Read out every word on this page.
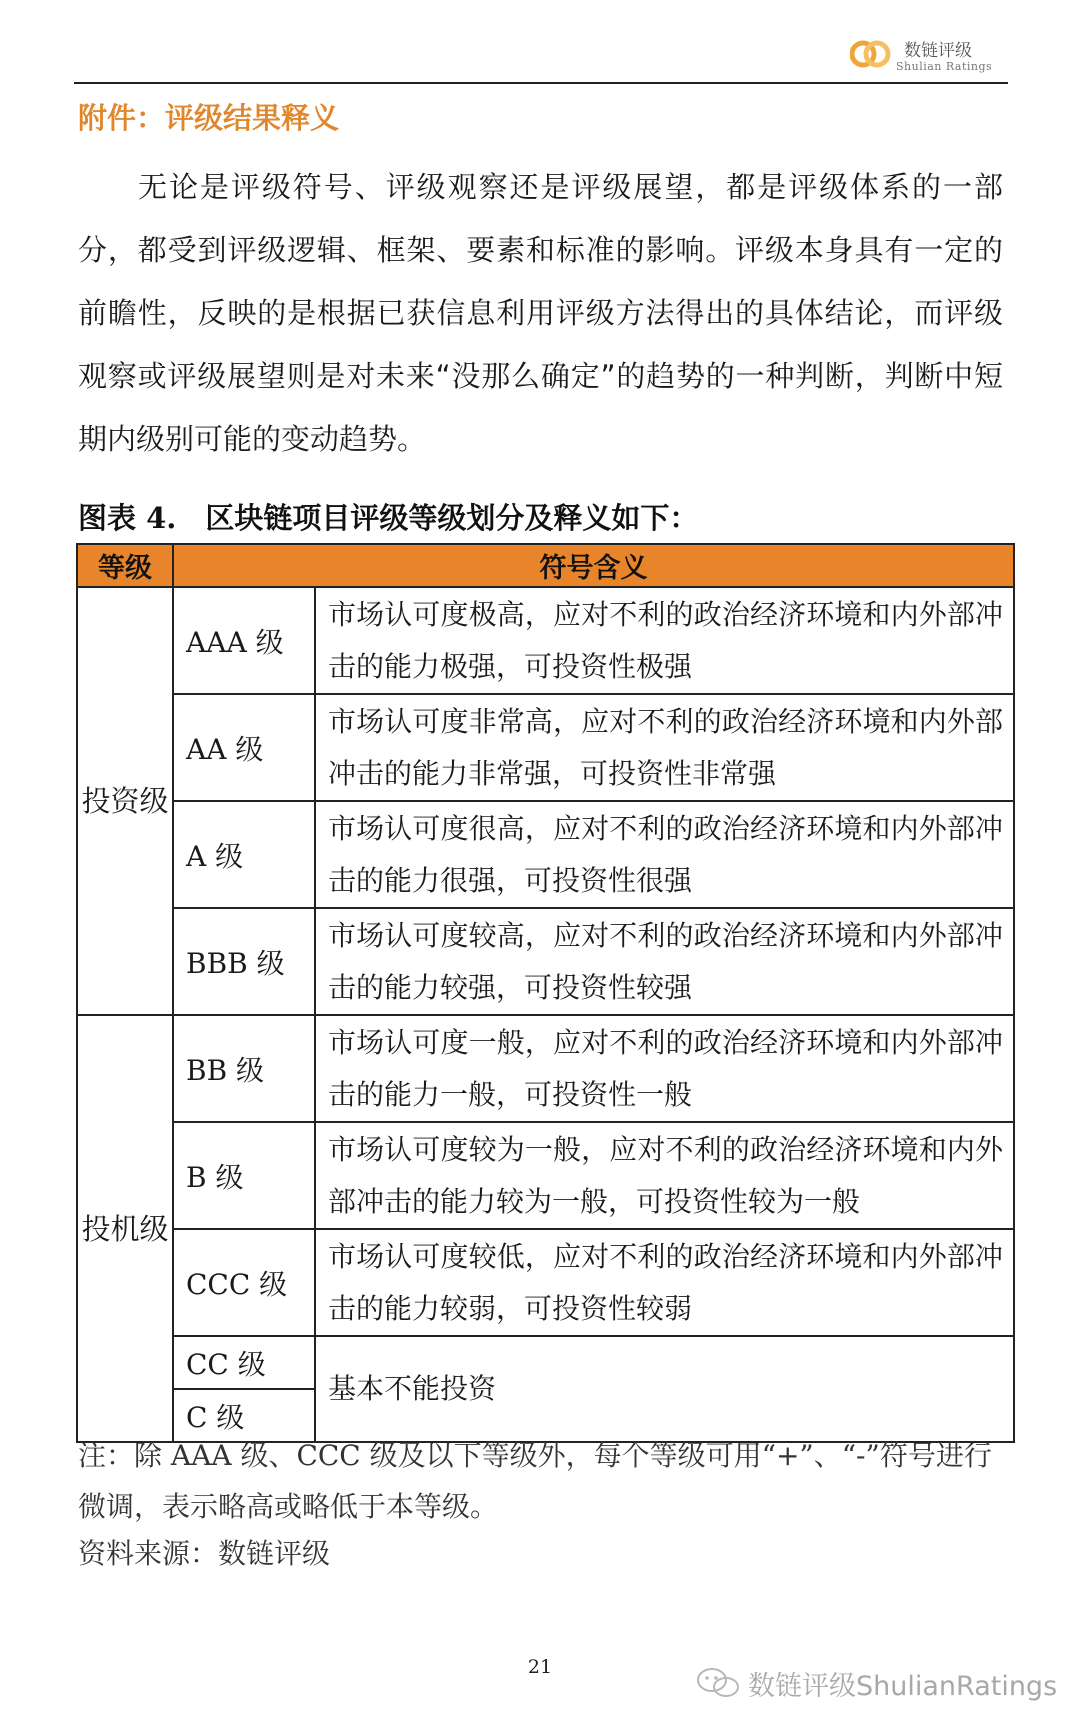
数链评级
Shulian Ratings
附件：评级结果释义
无论是评级符号、评级观察还是评级展望，都是评级体系的一部分，都受到评级逻辑、框架、要素和标准的影响。评级本身具有一定的前瞻性，反映的是根据已获信息利用评级方法得出的具体结论，而评级观察或评级展望则是对未来“没那么确定”的趋势的一种判断，判断中短期内级别可能的变动趋势。
图表 4.　区块链项目评级等级划分及释义如下：
等级	符号含义	
投资级	AAA 级	市场认可度极高，应对不利的政治经济环境和内外部冲击的能力极强，可投资性极强
	AA 级	市场认可度非常高，应对不利的政治经济环境和内外部冲击的能力非常强，可投资性非常强
	A 级	市场认可度很高，应对不利的政治经济环境和内外部冲击的能力很强，可投资性很强
	BBB 级	市场认可度较高，应对不利的政治经济环境和内外部冲击的能力较强，可投资性较强
投机级	BB 级	市场认可度一般，应对不利的政治经济环境和内外部冲击的能力一般，可投资性一般
	B 级	市场认可度较为一般，应对不利的政治经济环境和内外部冲击的能力较为一般，可投资性较为一般
	CCC 级	市场认可度较低，应对不利的政治经济环境和内外部冲击的能力较弱，可投资性较弱
	CC 级	基本不能投资
	C 级	
注：除 AAA 级、CCC 级及以下等级外，每个等级可用“+”、“-”符号进行微调，表示略高或略低于本等级。
资料来源：数链评级
21
数链评级ShulianRatings
